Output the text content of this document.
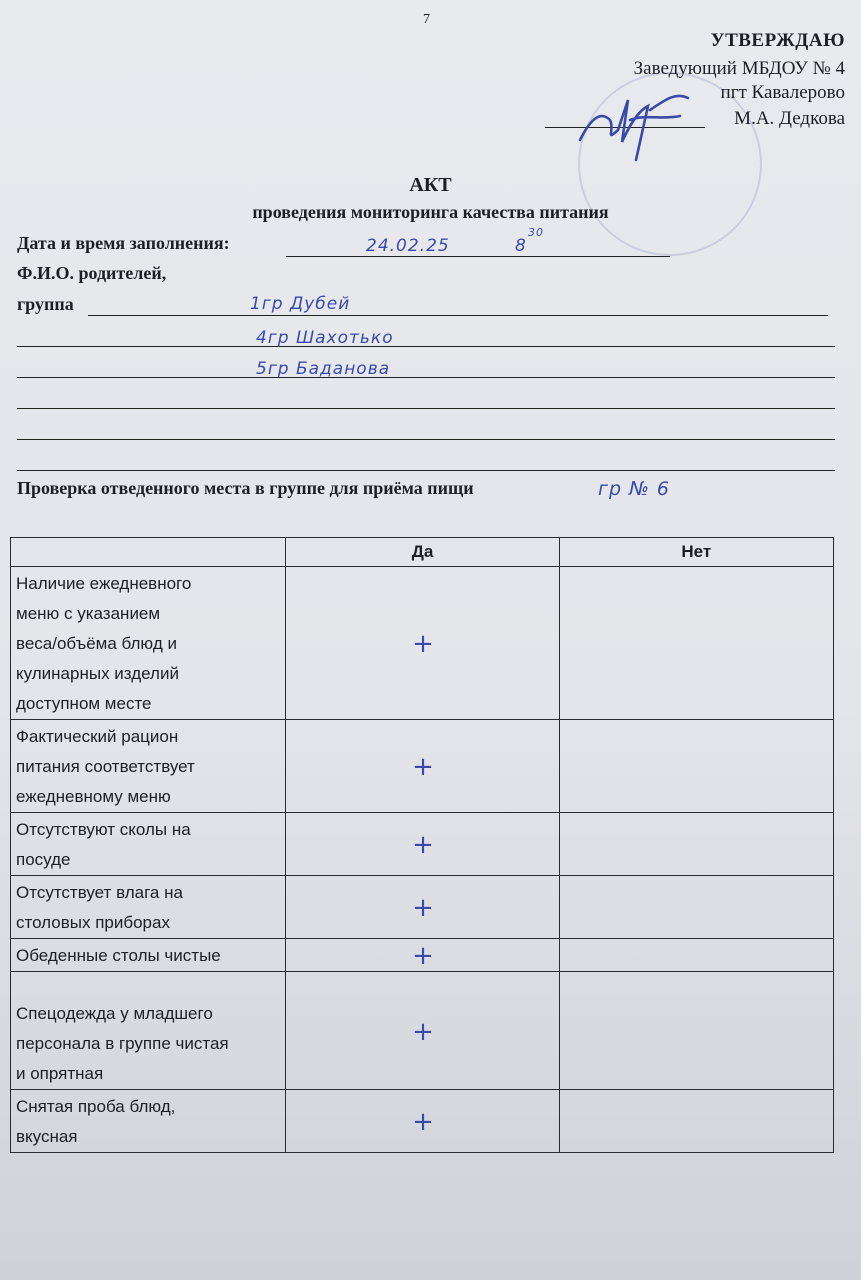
7
УТВЕРЖДАЮ
Заведующий МБДОУ № 4
пгт Кавалерово
М.А. Дедкова
АКТ
проведения мониторинга качества питания
Дата и время заполнения:	24.02.25	8
30
Ф.И.О. родителей,
группа	1гр Дубей
4гр Шахотько
5гр Баданова
Проверка отведенного места в группе для приёма пищи	гр № 6
	Да	Нет

Наличие ежедневного
меню с указанием
веса/объёма блюд и
кулинарных изделий
доступном месте	+	

Фактический рацион
питания соответствует
ежедневному меню	+	

Отсутствуют сколы на
посуде	+	

Отсутствует влага на
столовых приборах	+	

Обеденные столы чистые	+	

Спецодежда у младшего
персонала в группе чистая
и опрятная	+	

Снятая проба блюд,
вкусная	+	
